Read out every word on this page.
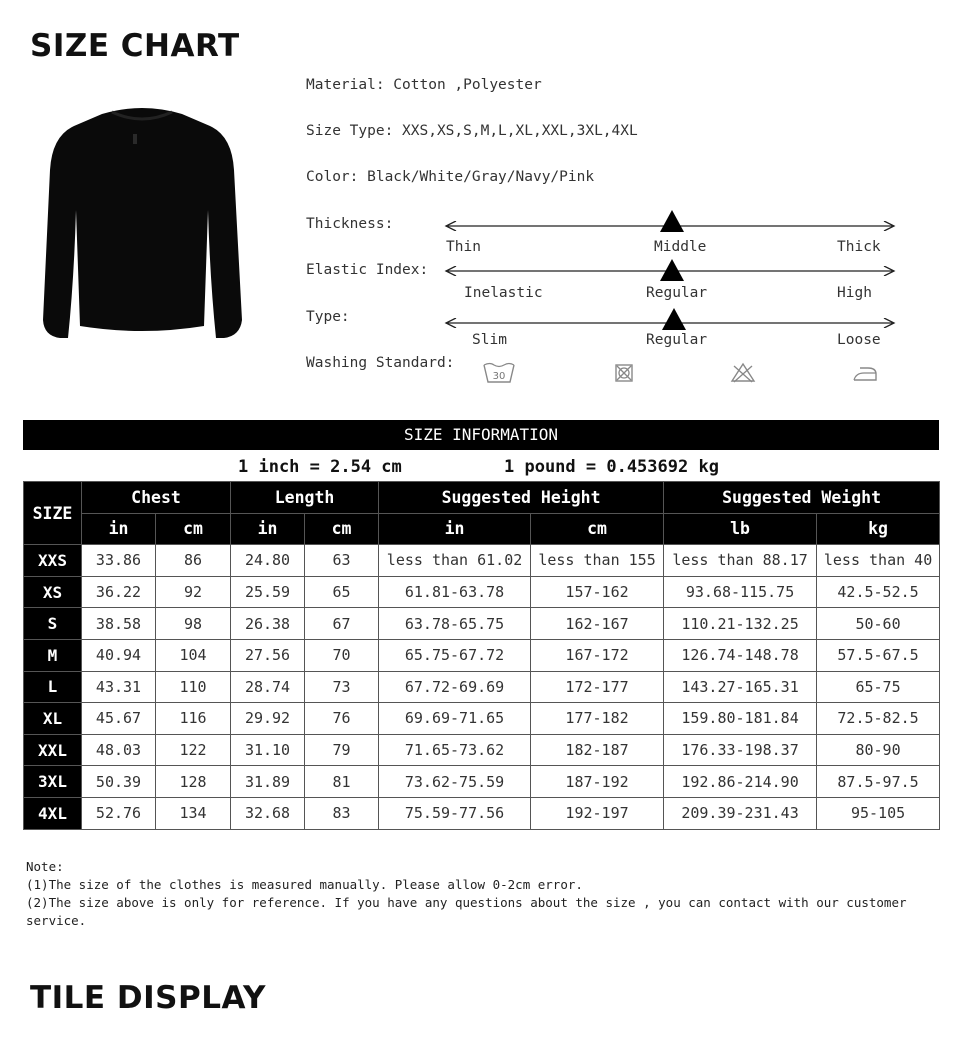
SIZE CHART
Material: Cotton ,Polyester
Size Type: XXS,XS,S,M,L,XL,XXL,3XL,4XL
Color: Black/White/Gray/Navy/Pink
Thickness:
Thin	Middle	Thick
Elastic Index:
Inelastic	Regular	High
Type:
Slim	Regular	Loose
Washing Standard:
30
SIZE INFORMATION
1 inch = 2.54 cm	1 pound = 0.453692 kg
SIZE	Chest		Length		Suggested Height		Suggested Weight	
	in	cm	in	cm	in	cm	lb	kg
XXS	33.86	86	24.80	63	less than 61.02	less than 155	less than 88.17	less than 40
XS	36.22	92	25.59	65	61.81-63.78	157-162	93.68-115.75	42.5-52.5
S	38.58	98	26.38	67	63.78-65.75	162-167	110.21-132.25	50-60
M	40.94	104	27.56	70	65.75-67.72	167-172	126.74-148.78	57.5-67.5
L	43.31	110	28.74	73	67.72-69.69	172-177	143.27-165.31	65-75
XL	45.67	116	29.92	76	69.69-71.65	177-182	159.80-181.84	72.5-82.5
XXL	48.03	122	31.10	79	71.65-73.62	182-187	176.33-198.37	80-90
3XL	50.39	128	31.89	81	73.62-75.59	187-192	192.86-214.90	87.5-97.5
4XL	52.76	134	32.68	83	75.59-77.56	192-197	209.39-231.43	95-105
Note:
(1)The size of the clothes is measured manually. Please allow 0-2cm error.
(2)The size above is only for reference. If you have any questions about the size , you can contact with our customer service.
TILE DISPLAY
